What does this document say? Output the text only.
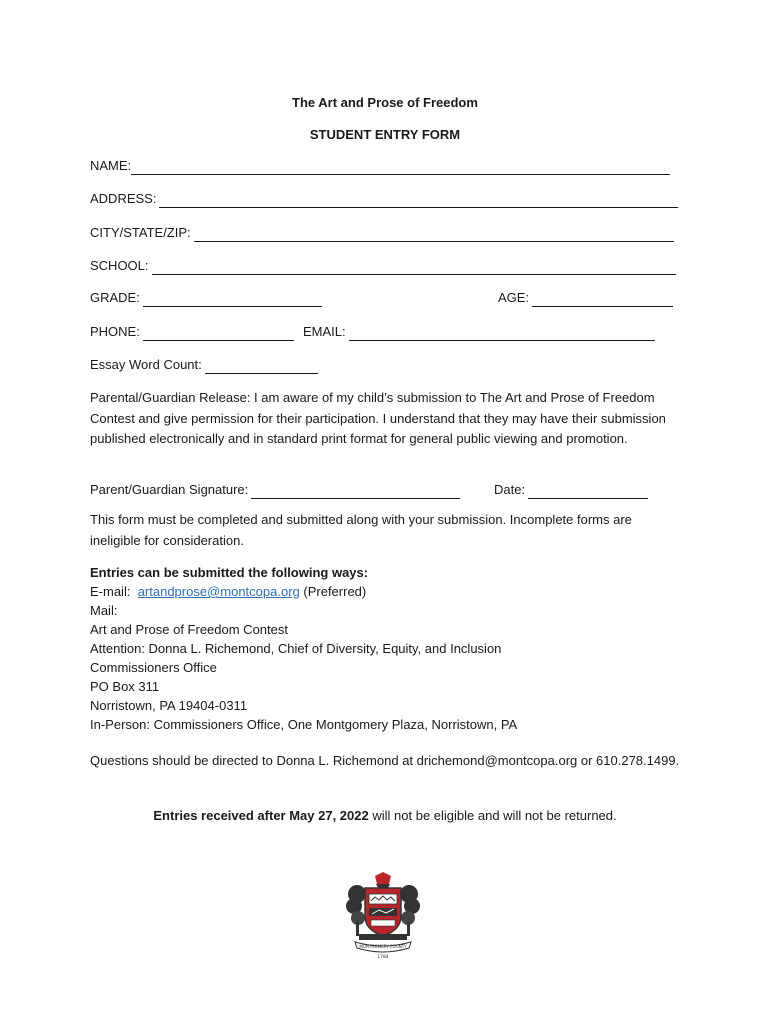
The Art and Prose of Freedom
STUDENT ENTRY FORM
NAME:
ADDRESS:
CITY/STATE/ZIP:
SCHOOL:
GRADE:	AGE:
PHONE:	EMAIL:
Essay Word Count:
Parental/Guardian Release: I am aware of my child’s submission to The Art and Prose of Freedom Contest and give permission for their participation. I understand that they may have their submission published electronically and in standard print format for general public viewing and promotion.
Parent/Guardian Signature:	Date:
This form must be completed and submitted along with your submission. Incomplete forms are ineligible for consideration.
Entries can be submitted the following ways:
E-mail: artandprose@montcopa.org (Preferred)
Mail:
Art and Prose of Freedom Contest
Attention: Donna L. Richemond, Chief of Diversity, Equity, and Inclusion
Commissioners Office
PO Box 311
Norristown, PA 19404-0311
In-Person: Commissioners Office, One Montgomery Plaza, Norristown, PA
Questions should be directed to Donna L. Richemond at drichemond@montcopa.org or 610.278.1499.
Entries received after May 27, 2022 will not be eligible and will not be returned.
MONTGOMERY COUNTY
1784
